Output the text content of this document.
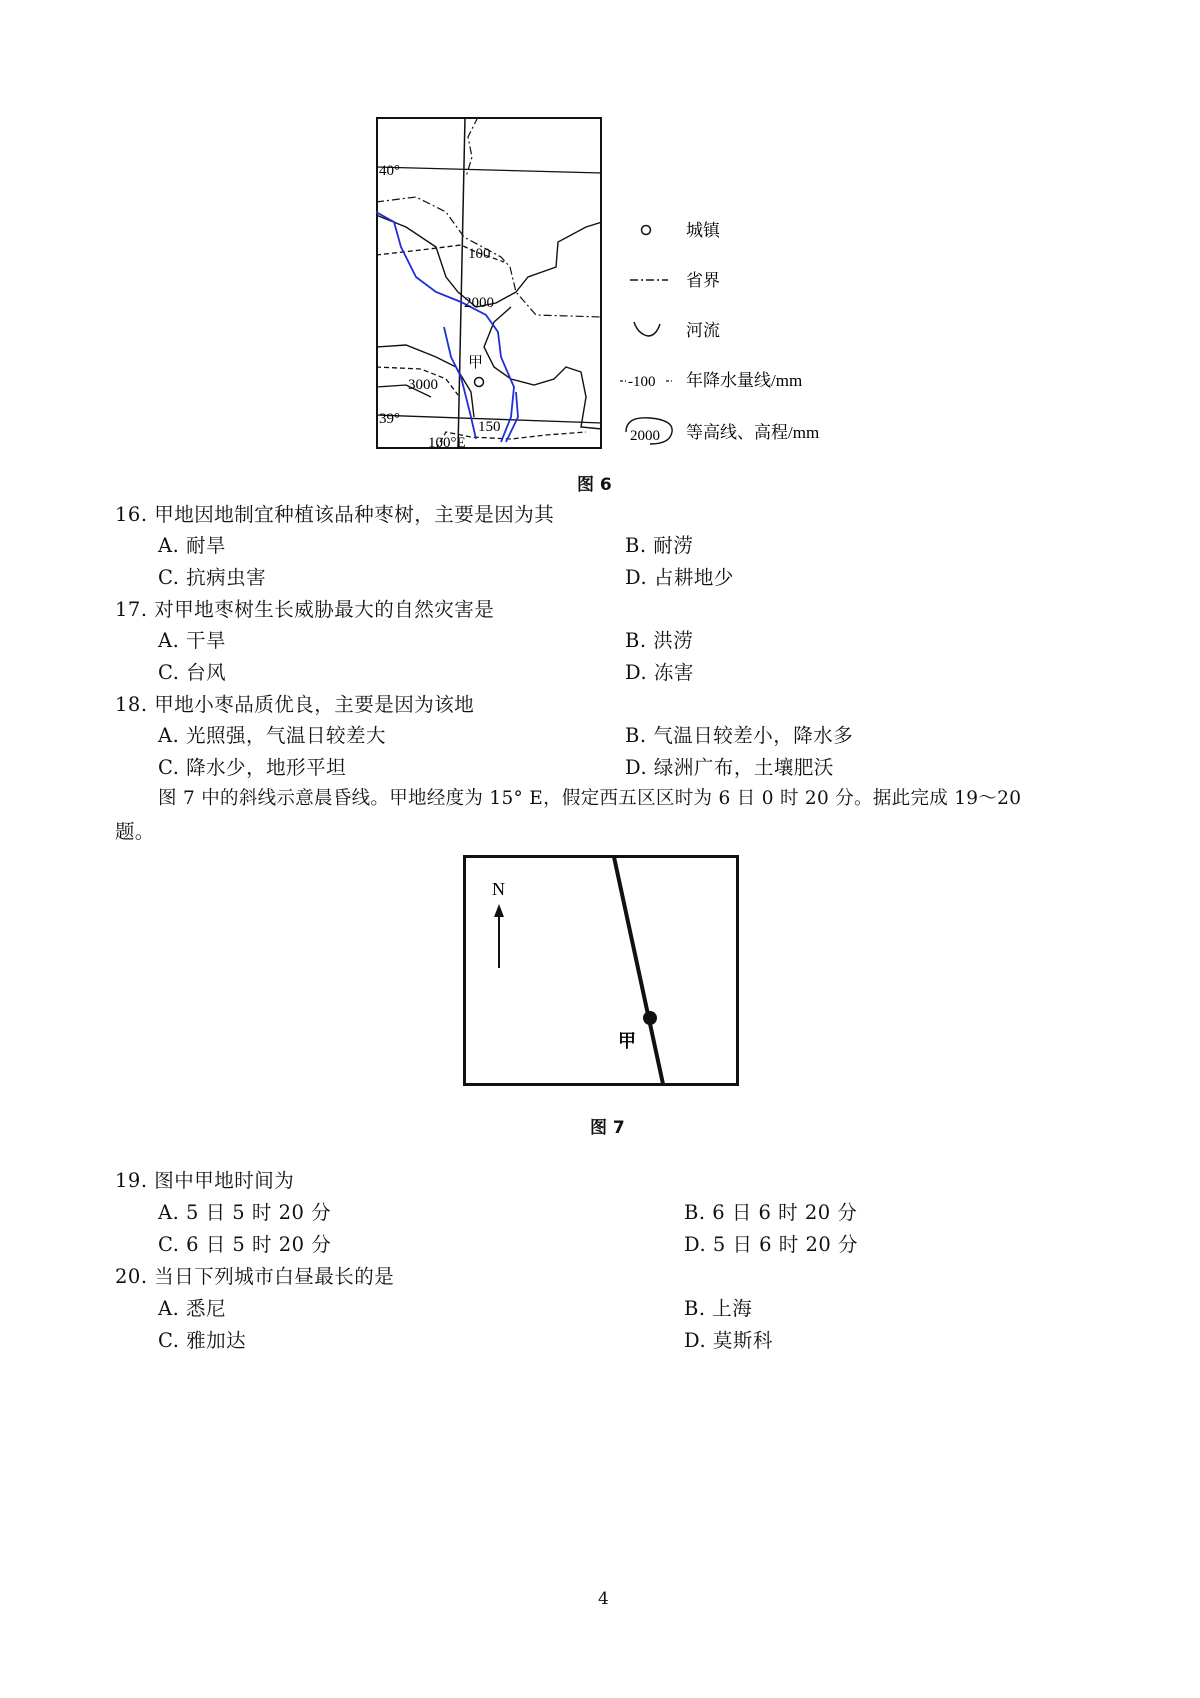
40°
39°
100°E
100
2000
3000
150
甲
城镇
省界
河流
-100 年降水量线/mm
2000 等高线、高程/mm
图 6
16. 甲地因地制宜种植该品种枣树，主要是因为其
A. 耐旱	B. 耐涝
C. 抗病虫害	D. 占耕地少
17. 对甲地枣树生长威胁最大的自然灾害是
A. 干旱	B. 洪涝
C. 台风	D. 冻害
18. 甲地小枣品质优良，主要是因为该地
A. 光照强，气温日较差大	B. 气温日较差小，降水多
C. 降水少，地形平坦	D. 绿洲广布，土壤肥沃
图 7 中的斜线示意晨昏线。甲地经度为 15° E，假定西五区区时为 6 日 0 时 20 分。据此完成 19～20
题。
N
甲
图 7
19. 图中甲地时间为
A. 5 日 5 时 20 分	B. 6 日 6 时 20 分
C. 6 日 5 时 20 分	D. 5 日 6 时 20 分
20. 当日下列城市白昼最长的是
A. 悉尼	B. 上海
C. 雅加达	D. 莫斯科
4
